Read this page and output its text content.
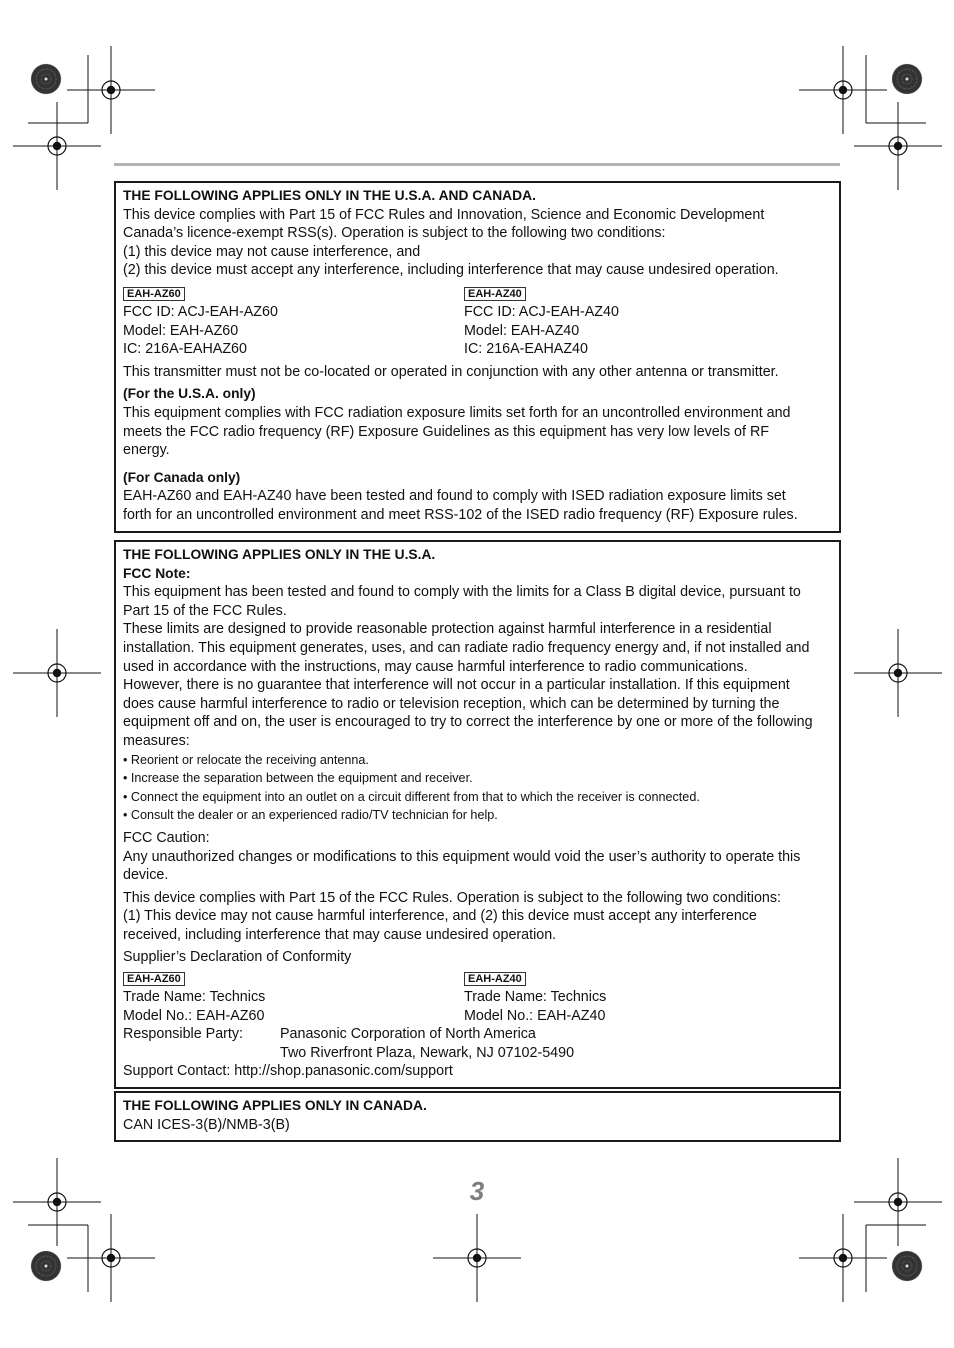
THE FOLLOWING APPLIES ONLY IN THE U.S.A. AND CANADA.

This device complies with Part 15 of FCC Rules and Innovation, Science and Economic Development

Canada’s licence-exempt RSS(s). Operation is subject to the following two conditions:

(1) this device may not cause interference, and

(2) this device must accept any interference, including interference that may cause undesired operation.

EAH-AZ60

FCC ID: ACJ-EAH-AZ60

Model: EAH-AZ60

IC: 216A-EAHAZ60

EAH-AZ40

FCC ID: ACJ-EAH-AZ40

Model: EAH-AZ40

IC: 216A-EAHAZ40

This transmitter must not be co-located or operated in conjunction with any other antenna or transmitter.

(For the U.S.A. only)

This equipment complies with FCC radiation exposure limits set forth for an uncontrolled environment and

meets the FCC radio frequency (RF) Exposure Guidelines as this equipment has very low levels of RF

energy.

(For Canada only)

EAH-AZ60 and EAH-AZ40 have been tested and found to comply with ISED radiation exposure limits set

forth for an uncontrolled environment and meet RSS-102 of the ISED radio frequency (RF) Exposure rules.

THE FOLLOWING APPLIES ONLY IN THE U.S.A.

FCC Note:

This equipment has been tested and found to comply with the limits for a Class B digital device, pursuant to

Part 15 of the FCC Rules.

These limits are designed to provide reasonable protection against harmful interference in a residential

installation. This equipment generates, uses, and can radiate radio frequency energy and, if not installed and

used in accordance with the instructions, may cause harmful interference to radio communications.

However, there is no guarantee that interference will not occur in a particular installation. If this equipment

does cause harmful interference to radio or television reception, which can be determined by turning the

equipment off and on, the user is encouraged to try to correct the interference by one or more of the following

measures:

• Reorient or relocate the receiving antenna.

• Increase the separation between the equipment and receiver.

• Connect the equipment into an outlet on a circuit different from that to which the receiver is connected.

• Consult the dealer or an experienced radio/TV technician for help.

FCC Caution:

Any unauthorized changes or modifications to this equipment would void the user’s authority to operate this

device.

This device complies with Part 15 of the FCC Rules. Operation is subject to the following two conditions:

(1) This device may not cause harmful interference, and (2) this device must accept any interference

received, including interference that may cause undesired operation.

Supplier’s Declaration of Conformity

EAH-AZ60

Trade Name: Technics

Model No.: EAH-AZ60

EAH-AZ40

Trade Name: Technics

Model No.: EAH-AZ40

Responsible Party:	Panasonic Corporation of North America
Two Riverfront Plaza, Newark, NJ 07102-5490

Support Contact: http://shop.panasonic.com/support

THE FOLLOWING APPLIES ONLY IN CANADA.

CAN ICES-3(B)/NMB-3(B)

3
